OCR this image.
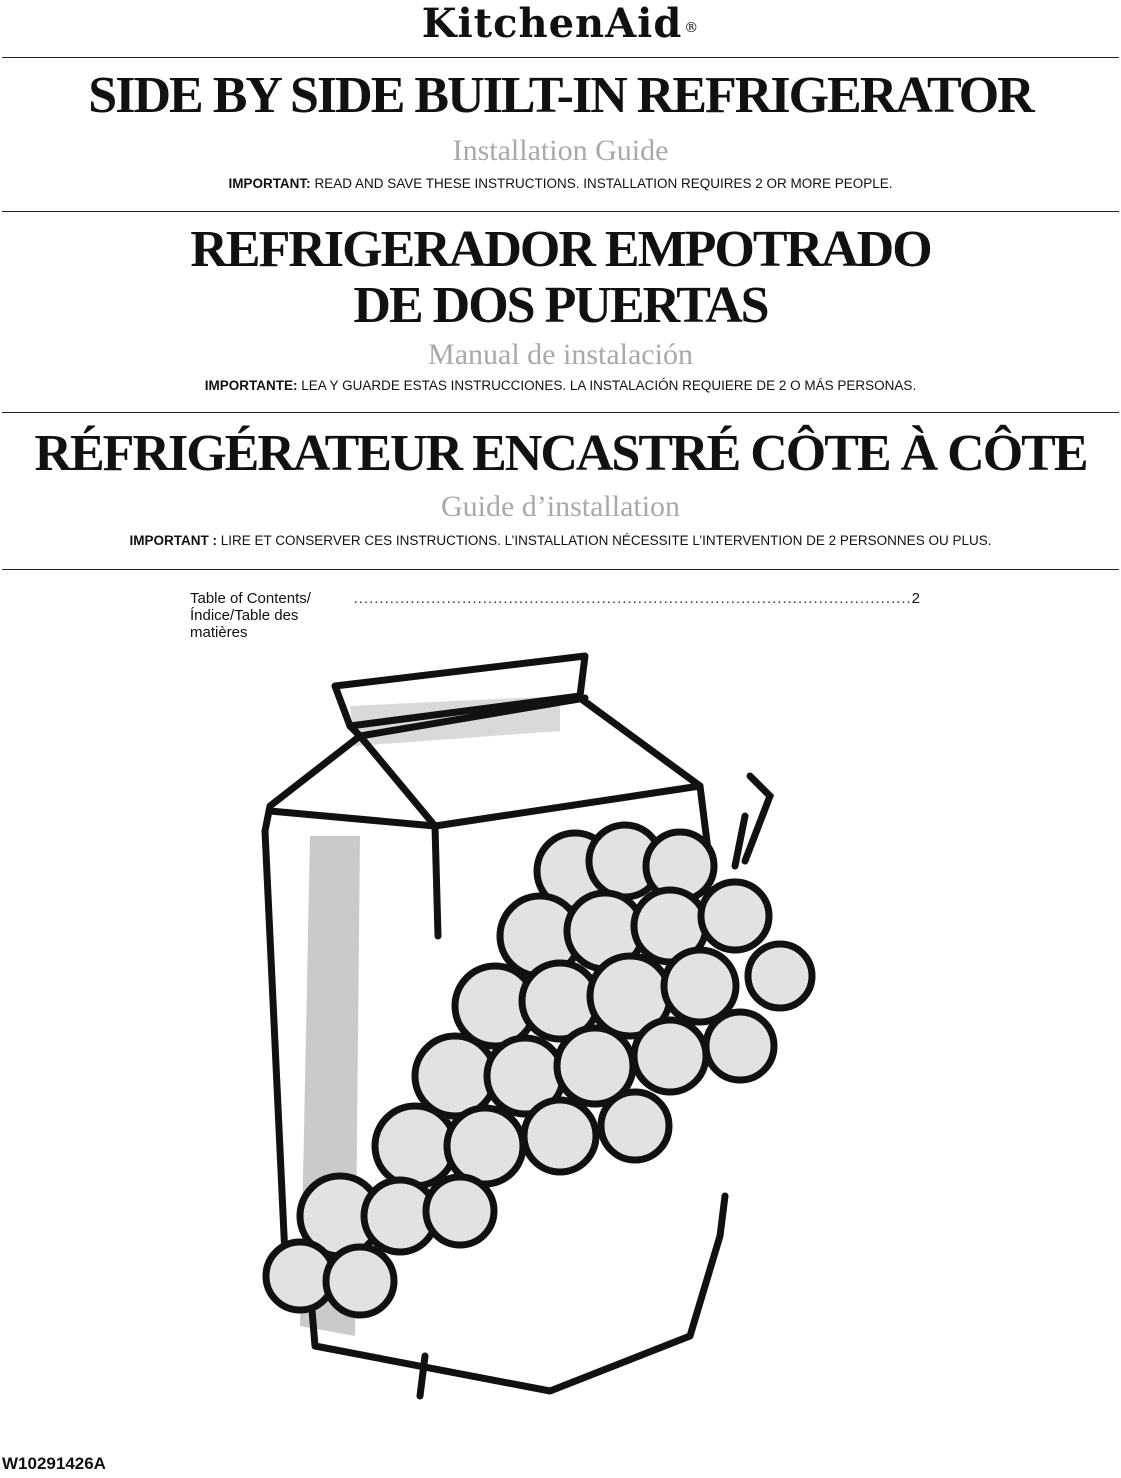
KitchenAid ®
SIDE BY SIDE BUILT-IN REFRIGERATOR
Installation Guide
IMPORTANT: READ AND SAVE THESE INSTRUCTIONS. INSTALLATION REQUIRES 2 OR MORE PEOPLE.
REFRIGERADOR EMPOTRADO
DE DOS PUERTAS
Manual de instalación
IMPORTANTE: LEA Y GUARDE ESTAS INSTRUCCIONES. LA INSTALACIÓN REQUIERE DE 2 O MÁS PERSONAS.
RÉFRIGÉRATEUR ENCASTRÉ CÔTE À CÔTE
Guide d’installation
IMPORTANT : LIRE ET CONSERVER CES INSTRUCTIONS. L’INSTALLATION NÉCESSITE L’INTERVENTION DE 2 PERSONNES OU PLUS.
Table of Contents/Índice/Table des matières
............................................................................................................ 2
W10291426A
